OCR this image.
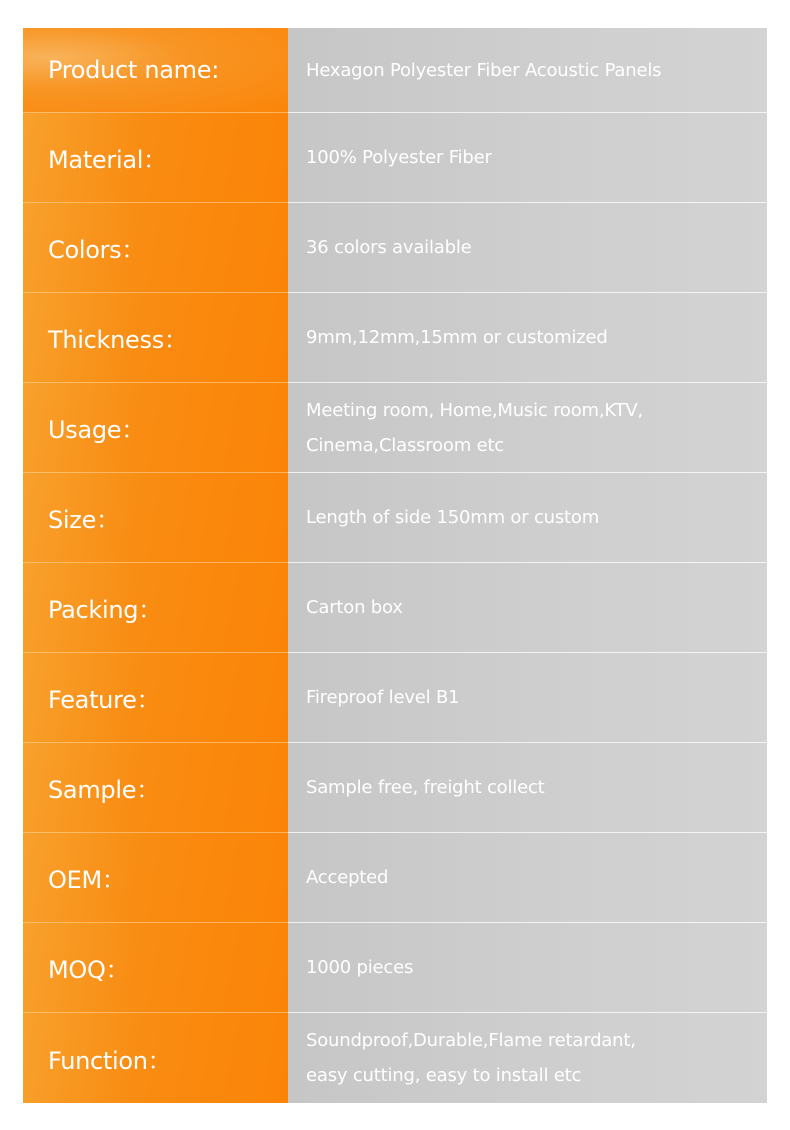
Product name:	Hexagon Polyester Fiber Acoustic Panels
Material：	100% Polyester Fiber
Colors：	36 colors available
Thickness：	9mm,12mm,15mm or customized
Usage：
Meeting room, Home,Music room,KTV,
Cinema,Classroom etc
Size：	Length of side 150mm or custom
Packing：	Carton box
Feature：	Fireproof level B1
Sample：	Sample free, freight collect
OEM：	Accepted
MOQ：	1000 pieces
Function：
Soundproof,Durable,Flame retardant,
easy cutting, easy to install etc
